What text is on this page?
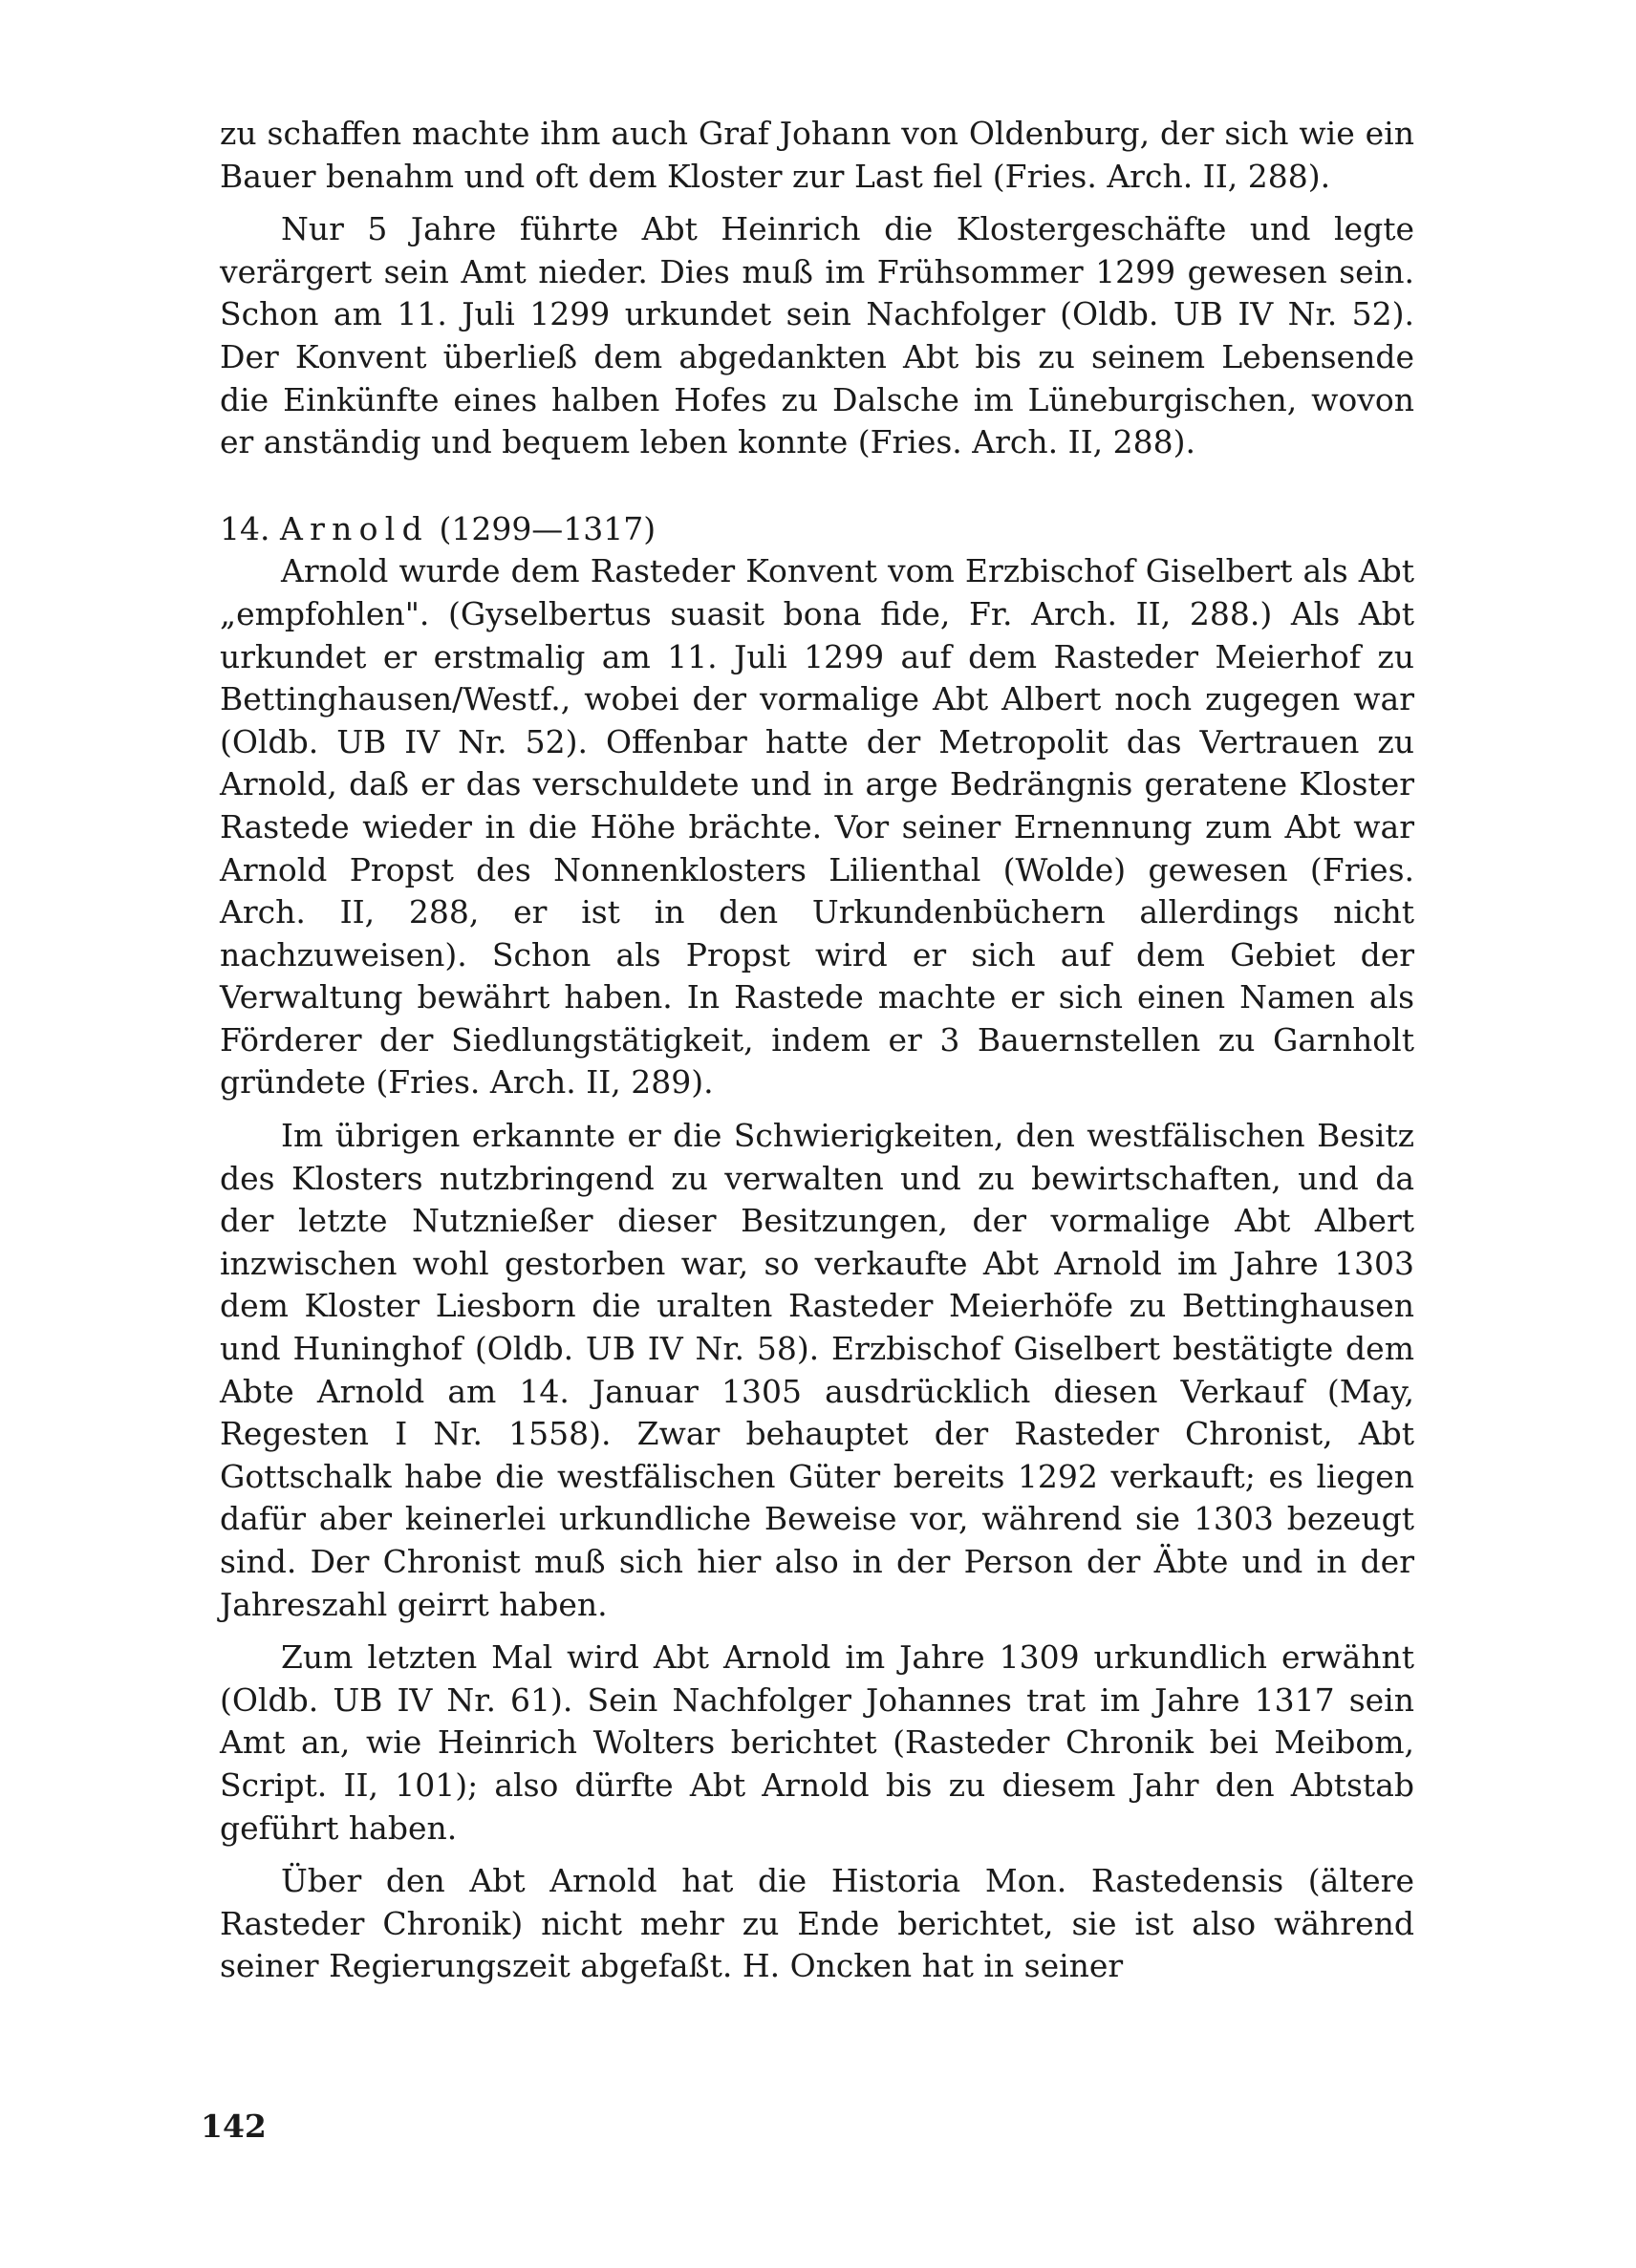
zu schaffen machte ihm auch Graf Johann von Oldenburg, der sich wie ein Bauer benahm und oft dem Kloster zur Last fiel (Fries. Arch. II, 288).

Nur 5 Jahre führte Abt Heinrich die Klostergeschäfte und legte verärgert sein Amt nieder. Dies muß im Frühsommer 1299 gewesen sein. Schon am 11. Juli 1299 urkundet sein Nachfolger (Oldb. UB IV Nr. 52). Der Konvent überließ dem abgedankten Abt bis zu seinem Lebensende die Einkünfte eines halben Hofes zu Dalsche im Lüneburgischen, wovon er anständig und bequem leben konnte (Fries. Arch. II, 288).

14. Arnold (1299—1317)

Arnold wurde dem Rasteder Konvent vom Erzbischof Giselbert als Abt „empfohlen". (Gyselbertus suasit bona fide, Fr. Arch. II, 288.) Als Abt urkundet er erstmalig am 11. Juli 1299 auf dem Rasteder Meierhof zu Bettinghausen/Westf., wobei der vormalige Abt Albert noch zugegen war (Oldb. UB IV Nr. 52). Offenbar hatte der Metropolit das Vertrauen zu Arnold, daß er das verschuldete und in arge Bedrängnis geratene Kloster Rastede wieder in die Höhe brächte. Vor seiner Ernennung zum Abt war Arnold Propst des Nonnenklosters Lilienthal (Wolde) gewesen (Fries. Arch. II, 288, er ist in den Urkundenbüchern allerdings nicht nachzuweisen). Schon als Propst wird er sich auf dem Gebiet der Verwaltung bewährt haben. In Rastede machte er sich einen Namen als Förderer der Siedlungstätigkeit, indem er 3 Bauernstellen zu Garnholt gründete (Fries. Arch. II, 289).

Im übrigen erkannte er die Schwierigkeiten, den westfälischen Besitz des Klosters nutzbringend zu verwalten und zu bewirtschaften, und da der letzte Nutznießer dieser Besitzungen, der vormalige Abt Albert inzwischen wohl gestorben war, so verkaufte Abt Arnold im Jahre 1303 dem Kloster Liesborn die uralten Rasteder Meierhöfe zu Bettinghausen und Huninghof (Oldb. UB IV Nr. 58). Erzbischof Giselbert bestätigte dem Abte Arnold am 14. Januar 1305 ausdrücklich diesen Verkauf (May, Regesten I Nr. 1558). Zwar behauptet der Rasteder Chronist, Abt Gottschalk habe die westfälischen Güter bereits 1292 verkauft; es liegen dafür aber keinerlei urkundliche Beweise vor, während sie 1303 bezeugt sind. Der Chronist muß sich hier also in der Person der Äbte und in der Jahreszahl geirrt haben.

Zum letzten Mal wird Abt Arnold im Jahre 1309 urkundlich erwähnt (Oldb. UB IV Nr. 61). Sein Nachfolger Johannes trat im Jahre 1317 sein Amt an, wie Heinrich Wolters berichtet (Rasteder Chronik bei Meibom, Script. II, 101); also dürfte Abt Arnold bis zu diesem Jahr den Abtstab geführt haben.

Über den Abt Arnold hat die Historia Mon. Rastedensis (ältere Rasteder Chronik) nicht mehr zu Ende berichtet, sie ist also während seiner Regierungszeit abgefaßt. H. Oncken hat in seiner

142
